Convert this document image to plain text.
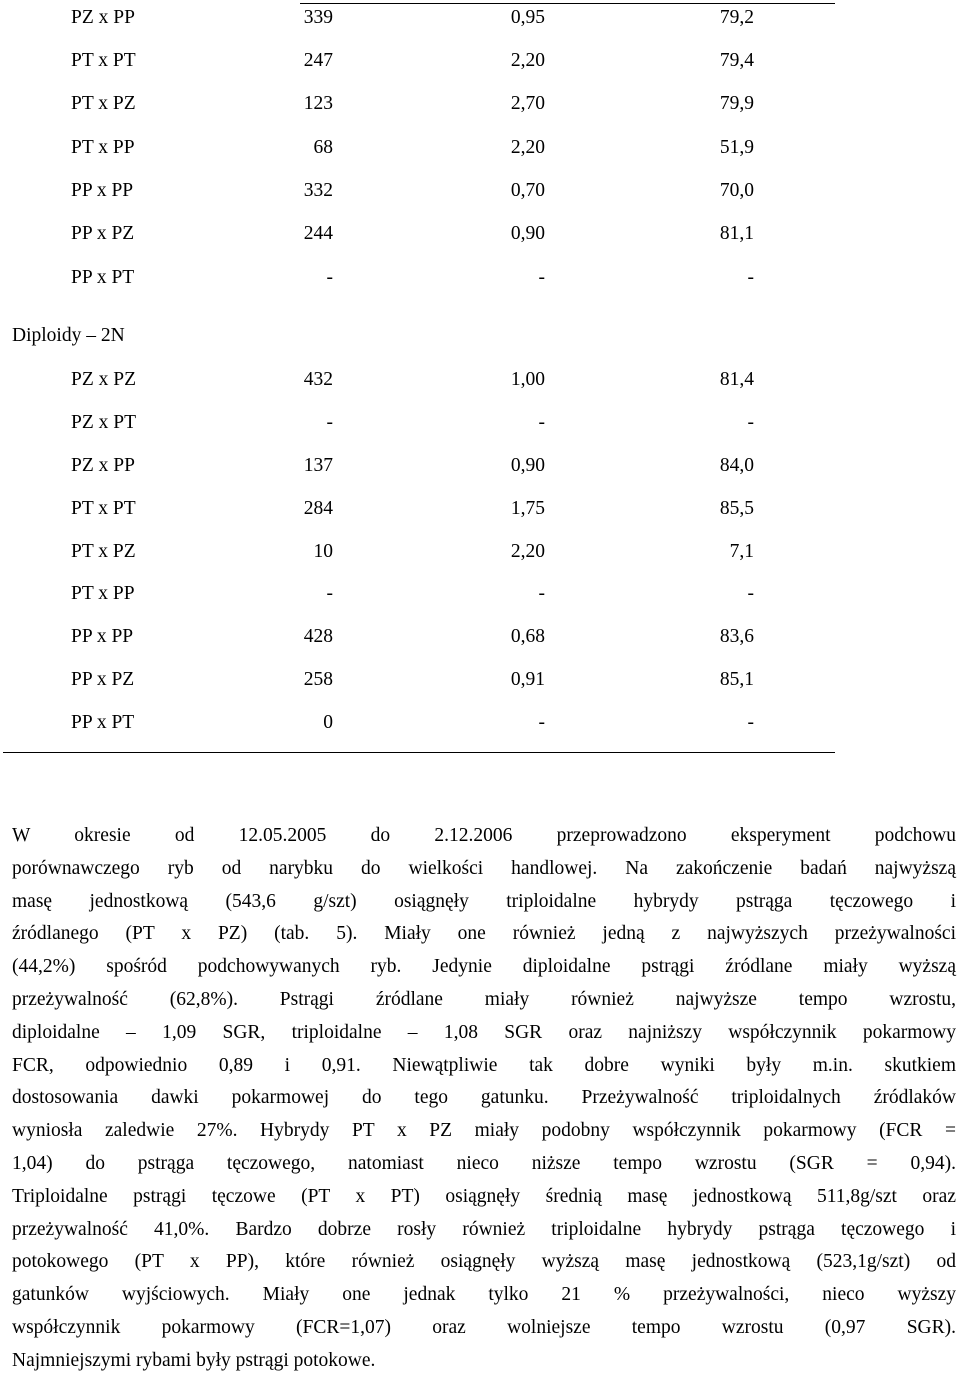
PZ x PP	339	0,95	79,2
PT x PT	247	2,20	79,4
PT x PZ	123	2,70	79,9
PT x PP	68	2,20	51,9
PP x PP	332	0,70	70,0
PP x PZ	244	0,90	81,1
PP x PT	-	-	-
Diploidy – 2N
PZ x PZ	432	1,00	81,4
PZ x PT	-	-	-
PZ x PP	137	0,90	84,0
PT x PT	284	1,75	85,5
PT x PZ	10	2,20	7,1
PT x PP	-	-	-
PP x PP	428	0,68	83,6
PP x PZ	258	0,91	85,1
PP x PT	0	-	-
W okresie od 12.05.2005 do 2.12.2006 przeprowadzono eksperyment podchowu
porównawczego ryb od narybku do wielkości handlowej. Na zakończenie badań najwyższą
masę jednostkową (543,6 g/szt) osiągnęły triploidalne hybrydy pstrąga tęczowego i
źródlanego (PT x PZ) (tab. 5). Miały one również jedną z najwyższych przeżywalności
(44,2%) spośród podchowywanych ryb. Jedynie diploidalne pstrągi źródlane miały wyższą
przeżywalność (62,8%). Pstrągi źródlane miały również najwyższe tempo wzrostu,
diploidalne – 1,09 SGR, triploidalne – 1,08 SGR oraz najniższy współczynnik pokarmowy
FCR, odpowiednio 0,89 i 0,91. Niewątpliwie tak dobre wyniki były m.in. skutkiem
dostosowania dawki pokarmowej do tego gatunku. Przeżywalność triploidalnych źródlaków
wyniosła zaledwie 27%. Hybrydy PT x PZ miały podobny współczynnik pokarmowy (FCR =
1,04) do pstrąga tęczowego, natomiast nieco niższe tempo wzrostu (SGR = 0,94).
Triploidalne pstrągi tęczowe (PT x PT) osiągnęły średnią masę jednostkową 511,8g/szt oraz
przeżywalność 41,0%. Bardzo dobrze rosły również triploidalne hybrydy pstrąga tęczowego i
potokowego (PT x PP), które również osiągnęły wyższą masę jednostkową (523,1g/szt) od
gatunków wyjściowych. Miały one jednak tylko 21 % przeżywalności, nieco wyższy
współczynnik pokarmowy (FCR=1,07) oraz wolniejsze tempo wzrostu (0,97 SGR).
Najmniejszymi rybami były pstrągi potokowe.
